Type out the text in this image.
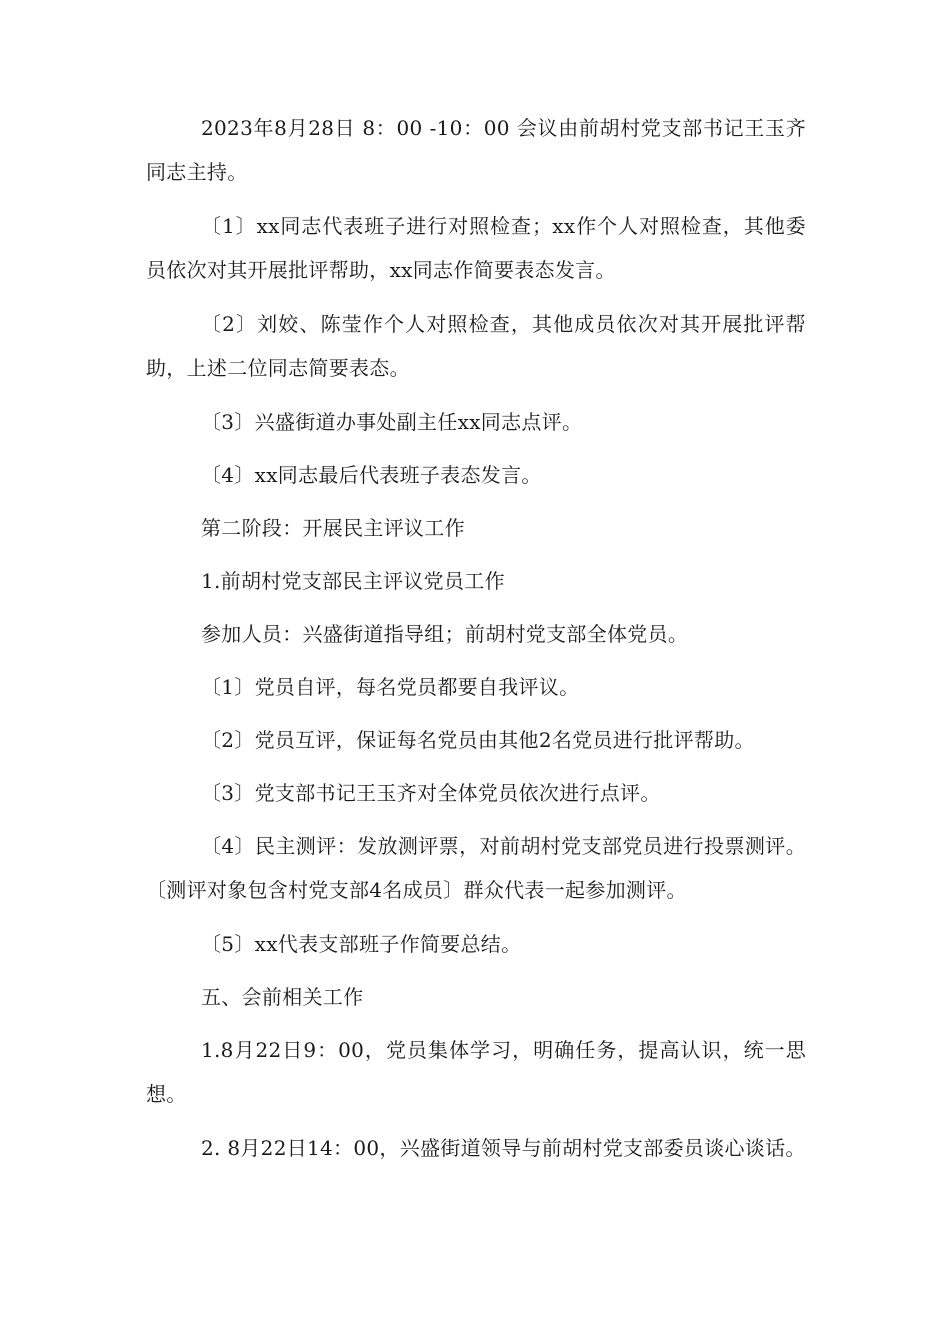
2023年8月28日 8：00 -10：00 会议由前胡村党支部书记王玉齐同志主持。

〔1〕xx同志代表班子进行对照检查；xx作个人对照检查，其他委员依次对其开展批评帮助，xx同志作简要表态发言。

〔2〕刘姣、陈莹作个人对照检查，其他成员依次对其开展批评帮助，上述二位同志简要表态。

〔3〕兴盛街道办事处副主任xx同志点评。

〔4〕xx同志最后代表班子表态发言。

第二阶段：开展民主评议工作

1.前胡村党支部民主评议党员工作

参加人员：兴盛街道指导组；前胡村党支部全体党员。

〔1〕党员自评，每名党员都要自我评议。

〔2〕党员互评，保证每名党员由其他2名党员进行批评帮助。

〔3〕党支部书记王玉齐对全体党员依次进行点评。

〔4〕民主测评：发放测评票，对前胡村党支部党员进行投票测评。〔测评对象包含村党支部4名成员〕群众代表一起参加测评。

〔5〕xx代表支部班子作简要总结。

五、会前相关工作

1.8月22日9：00，党员集体学习，明确任务，提高认识，统一思想。

2. 8月22日14：00，兴盛街道领导与前胡村党支部委员谈心谈话。
